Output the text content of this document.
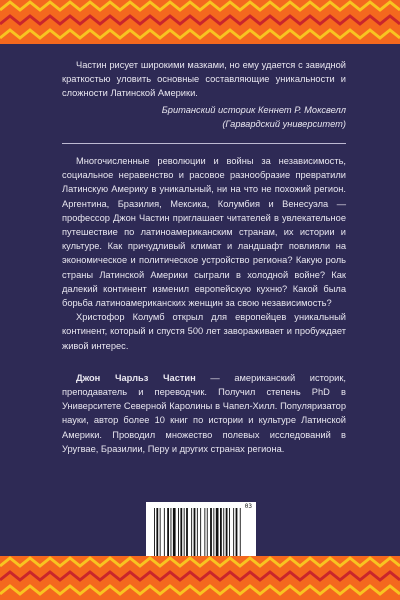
Частин рисует широкими мазками, но ему удается с завидной краткостью уловить основные составляющие уникальности и сложности Латинской Америки.

Британский историк Кеннет Р. Моксвелл
(Гарвардский университет)

Многочисленные революции и войны за независимость, социальное неравенство и расовое разнообразие превратили Латинскую Америку в уникальный, ни на что не похожий регион. Аргентина, Бразилия, Мексика, Колумбия и Венесуэла — профессор Джон Частин приглашает читателей в увлекательное путешествие по латиноамериканским странам, их истории и культуре. Как причудливый климат и ландшафт повлияли на экономическое и политическое устройство региона? Какую роль страны Латинской Америки сыграли в холодной войне? Как далекий континент изменил европейскую кухню? Какой была борьба латиноамериканских женщин за свою независимость?

Христофор Колумб открыл для европейцев уникальный континент, который и спустя 500 лет завораживает и пробуждает живой интерес.

Джон Чарльз Частин — американский историк, преподаватель и переводчик. Получил степень PhD в Университете Северной Каролины в Чапел-Хилл. Популяризатор науки, автор более 10 книг по истории и культуре Латинской Америки. Проводил множество полевых исследований в Уругвае, Бразилии, Перу и других странах региона.

03
